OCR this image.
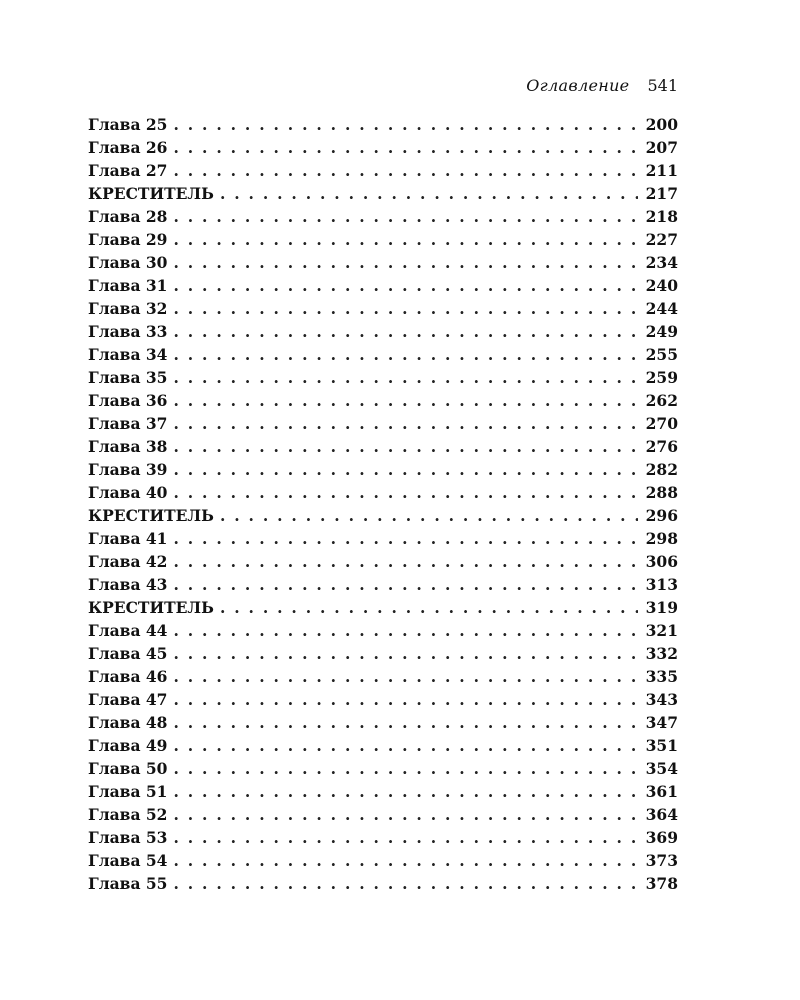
Оглавление 541
Глава 25 . . .	200
Глава 26 . . .	207
Глава 27 . . .	211
КРЕСТИТЕЛЬ . . .	217
Глава 28 . . .	218
Глава 29 . . .	227
Глава 30 . . .	234
Глава 31 . . .	240
Глава 32 . . .	244
Глава 33 . . .	249
Глава 34 . . .	255
Глава 35 . . .	259
Глава 36 . . .	262
Глава 37 . . .	270
Глава 38 . . .	276
Глава 39 . . .	282
Глава 40 . . .	288
КРЕСТИТЕЛЬ . . .	296
Глава 41 . . .	298
Глава 42 . . .	306
Глава 43 . . .	313
КРЕСТИТЕЛЬ . . .	319
Глава 44 . . .	321
Глава 45 . . .	332
Глава 46 . . .	335
Глава 47 . . .	343
Глава 48 . . .	347
Глава 49 . . .	351
Глава 50 . . .	354
Глава 51 . . .	361
Глава 52 . . .	364
Глава 53 . . .	369
Глава 54 . . .	373
Глава 55 . . .	378
